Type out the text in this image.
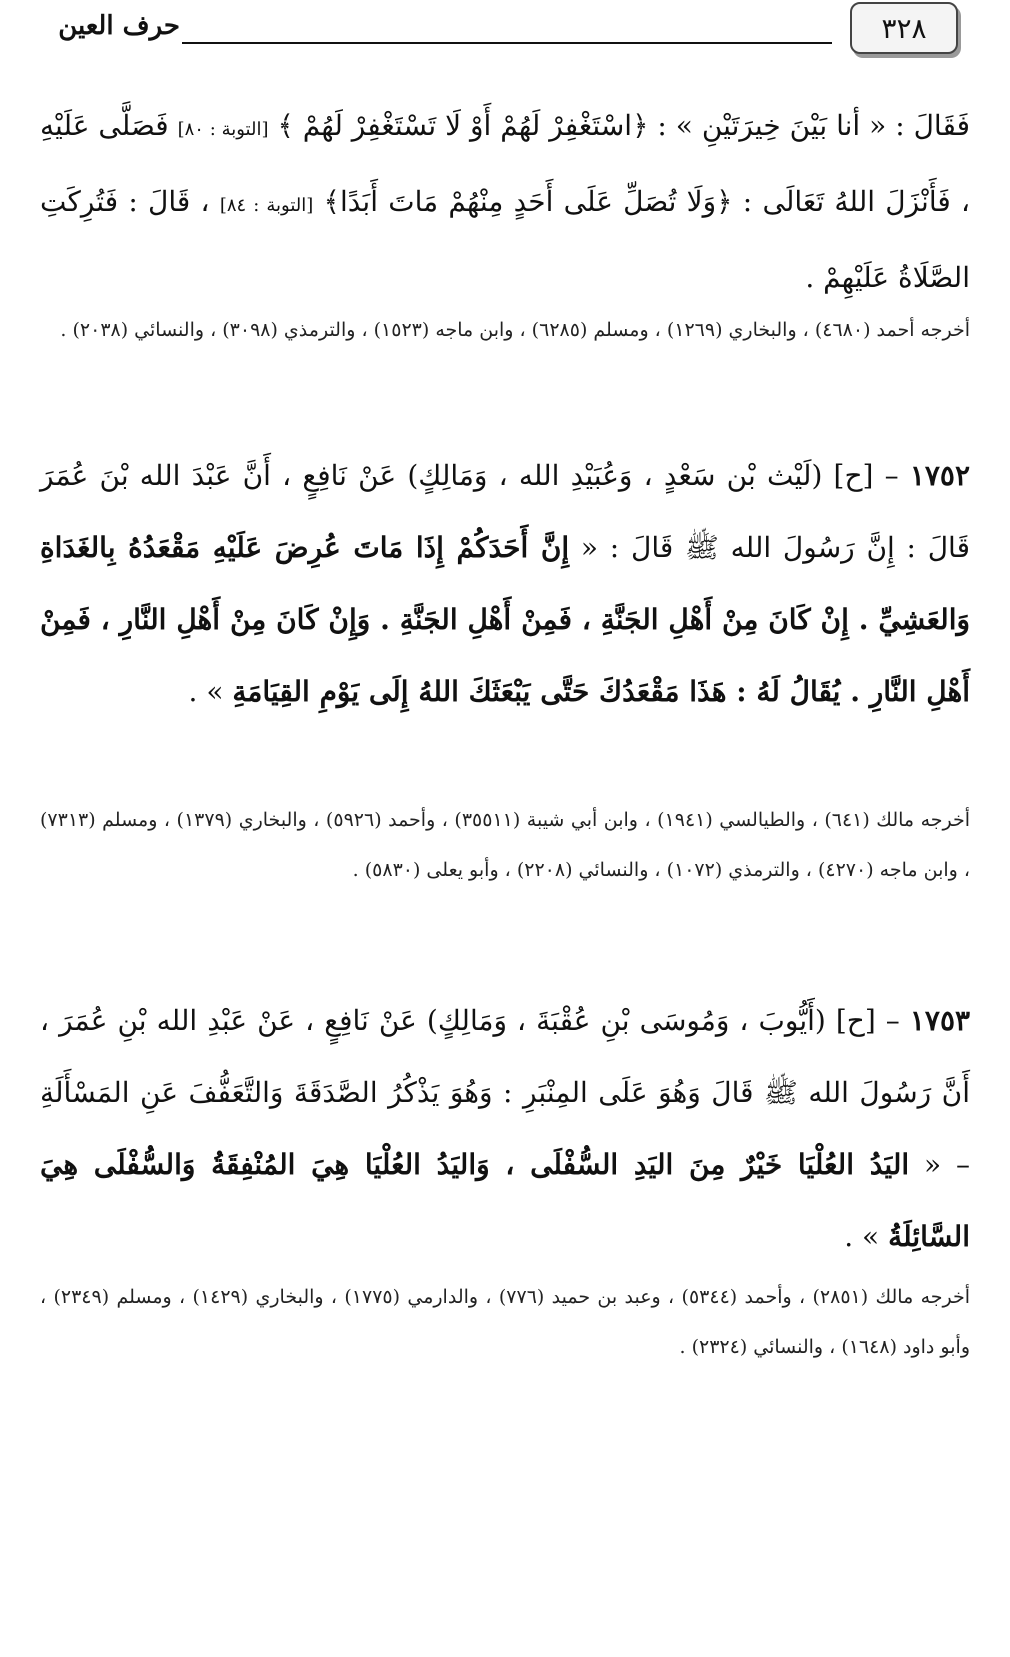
٣٢٨
حرف العين
فَقَالَ : « أنا بَيْنَ خِيرَتَيْنِ » : ﴿اسْتَغْفِرْ لَهُمْ أَوْ لَا تَسْتَغْفِرْ لَهُمْ ﴾ [التوبة : ٨٠] فَصَلَّى عَلَيْهِ ، فَأَنْزَلَ اللهُ تَعَالَى : ﴿وَلَا تُصَلِّ عَلَى أَحَدٍ مِنْهُمْ مَاتَ أَبَدًا﴾ [التوبة : ٨٤] ، قَالَ : فَتُرِكَتِ الصَّلَاةُ عَلَيْهِمْ .
أخرجه أحمد (٤٦٨٠) ، والبخاري (١٢٦٩) ، ومسلم (٦٢٨٥) ، وابن ماجه (١٥٢٣) ، والترمذي (٣٠٩٨) ، والنسائي (٢٠٣٨) .
١٧٥٢ – [ح] (لَيْث بْن سَعْدٍ ، وَعُبَيْدِ الله ، وَمَالِكٍ) عَنْ نَافِعٍ ، أَنَّ عَبْدَ الله بْنَ عُمَرَ قَالَ : إِنَّ رَسُولَ الله ﷺ قَالَ : « إِنَّ أَحَدَكُمْ إِذَا مَاتَ عُرِضَ عَلَيْهِ مَقْعَدُهُ بِالغَدَاةِ وَالعَشِيِّ . إِنْ كَانَ مِنْ أَهْلِ الجَنَّةِ ، فَمِنْ أَهْلِ الجَنَّةِ . وَإِنْ كَانَ مِنْ أَهْلِ النَّارِ ، فَمِنْ أَهْلِ النَّارِ . يُقَالُ لَهُ : هَذَا مَقْعَدُكَ حَتَّى يَبْعَثَكَ اللهُ إِلَى يَوْمِ القِيَامَةِ » .
أخرجه مالك (٦٤١) ، والطيالسي (١٩٤١) ، وابن أبي شيبة (٣٥٥١١) ، وأحمد (٥٩٢٦) ، والبخاري (١٣٧٩) ، ومسلم (٧٣١٣) ، وابن ماجه (٤٢٧٠) ، والترمذي (١٠٧٢) ، والنسائي (٢٢٠٨) ، وأبو يعلى (٥٨٣٠) .
١٧٥٣ – [ح] (أَيُّوبَ ، وَمُوسَى بْنِ عُقْبَةَ ، وَمَالِكٍ) عَنْ نَافِعٍ ، عَنْ عَبْدِ الله بْنِ عُمَرَ ، أَنَّ رَسُولَ الله ﷺ قَالَ وَهُوَ عَلَى المِنْبَرِ : وَهُوَ يَذْكُرُ الصَّدَقَةَ وَالتَّعَفُّفَ عَنِ المَسْأَلَةِ – « اليَدُ العُلْيَا خَيْرٌ مِنَ اليَدِ السُّفْلَى ، وَاليَدُ العُلْيَا هِيَ المُنْفِقَةُ وَالسُّفْلَى هِيَ السَّائِلَةُ » .
أخرجه مالك (٢٨٥١) ، وأحمد (٥٣٤٤) ، وعبد بن حميد (٧٧٦) ، والدارمي (١٧٧٥) ، والبخاري (١٤٢٩) ، ومسلم (٢٣٤٩) ، وأبو داود (١٦٤٨) ، والنسائي (٢٣٢٤) .
